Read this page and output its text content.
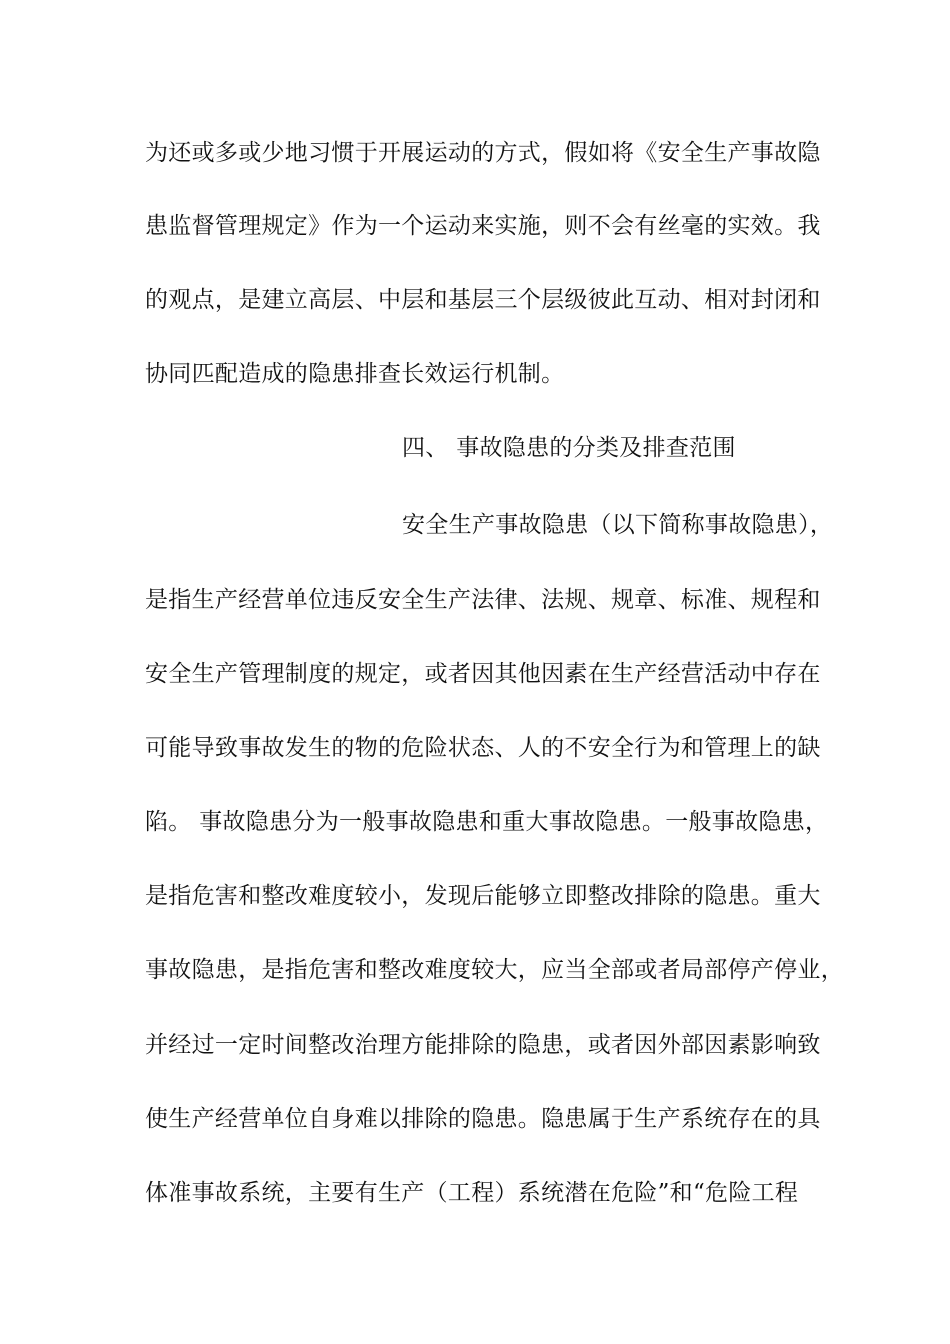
为还或多或少地习惯于开展运动的方式，假如将《安全生产事故隐
患监督管理规定》作为一个运动来实施，则不会有丝毫的实效。我
的观点，是建立高层、中层和基层三个层级彼此互动、相对封闭和
协同匹配造成的隐患排查长效运行机制。
四、 事故隐患的分类及排查范围
安全生产事故隐患（以下简称事故隐患），
是指生产经营单位违反安全生产法律、法规、规章、标准、规程和
安全生产管理制度的规定，或者因其他因素在生产经营活动中存在
可能导致事故发生的物的危险状态、人的不安全行为和管理上的缺
陷。 事故隐患分为一般事故隐患和重大事故隐患。一般事故隐患，
是指危害和整改难度较小，发现后能够立即整改排除的隐患。重大
事故隐患，是指危害和整改难度较大，应当全部或者局部停产停业，
并经过一定时间整改治理方能排除的隐患，或者因外部因素影响致
使生产经营单位自身难以排除的隐患。隐患属于生产系统存在的具
体准事故系统，主要有生产（工程）系统潜在危险”和“危险工程
